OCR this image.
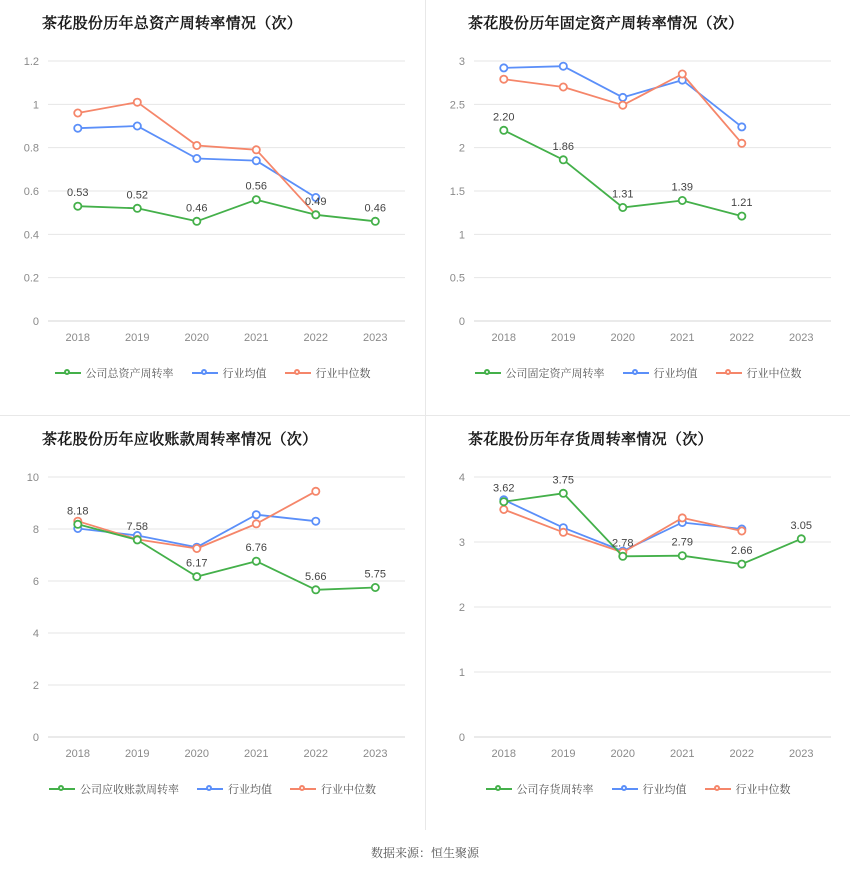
茶花股份历年总资产周转率情况（次）
0
0.2
0.4
0.6
0.8
1
1.2
2018	2019	2020	2021	2022	2023
0.53	0.52
0.46
0.56
0.49
0.46
公司总资产周转率	行业均值	行业中位数
茶花股份历年固定资产周转率情况（次）
0
0.5
1
1.5
2
2.5
3
2018	2019	2020	2021	2022	2023
2.20
1.86
1.31
1.39
1.21
公司固定资产周转率	行业均值	行业中位数
茶花股份历年应收账款周转率情况（次）
0
2
4
6
8
10
2018	2019	2020	2021	2022	2023
8.18
7.58
6.17
6.76
5.66	5.75
公司应收账款周转率	行业均值	行业中位数
茶花股份历年存货周转率情况（次）
0
1
2
3
4
2018	2019	2020	2021	2022	2023
3.62
3.75
2.78	2.79
2.66
3.05
公司存货周转率	行业均值	行业中位数
数据来源：恒生聚源
